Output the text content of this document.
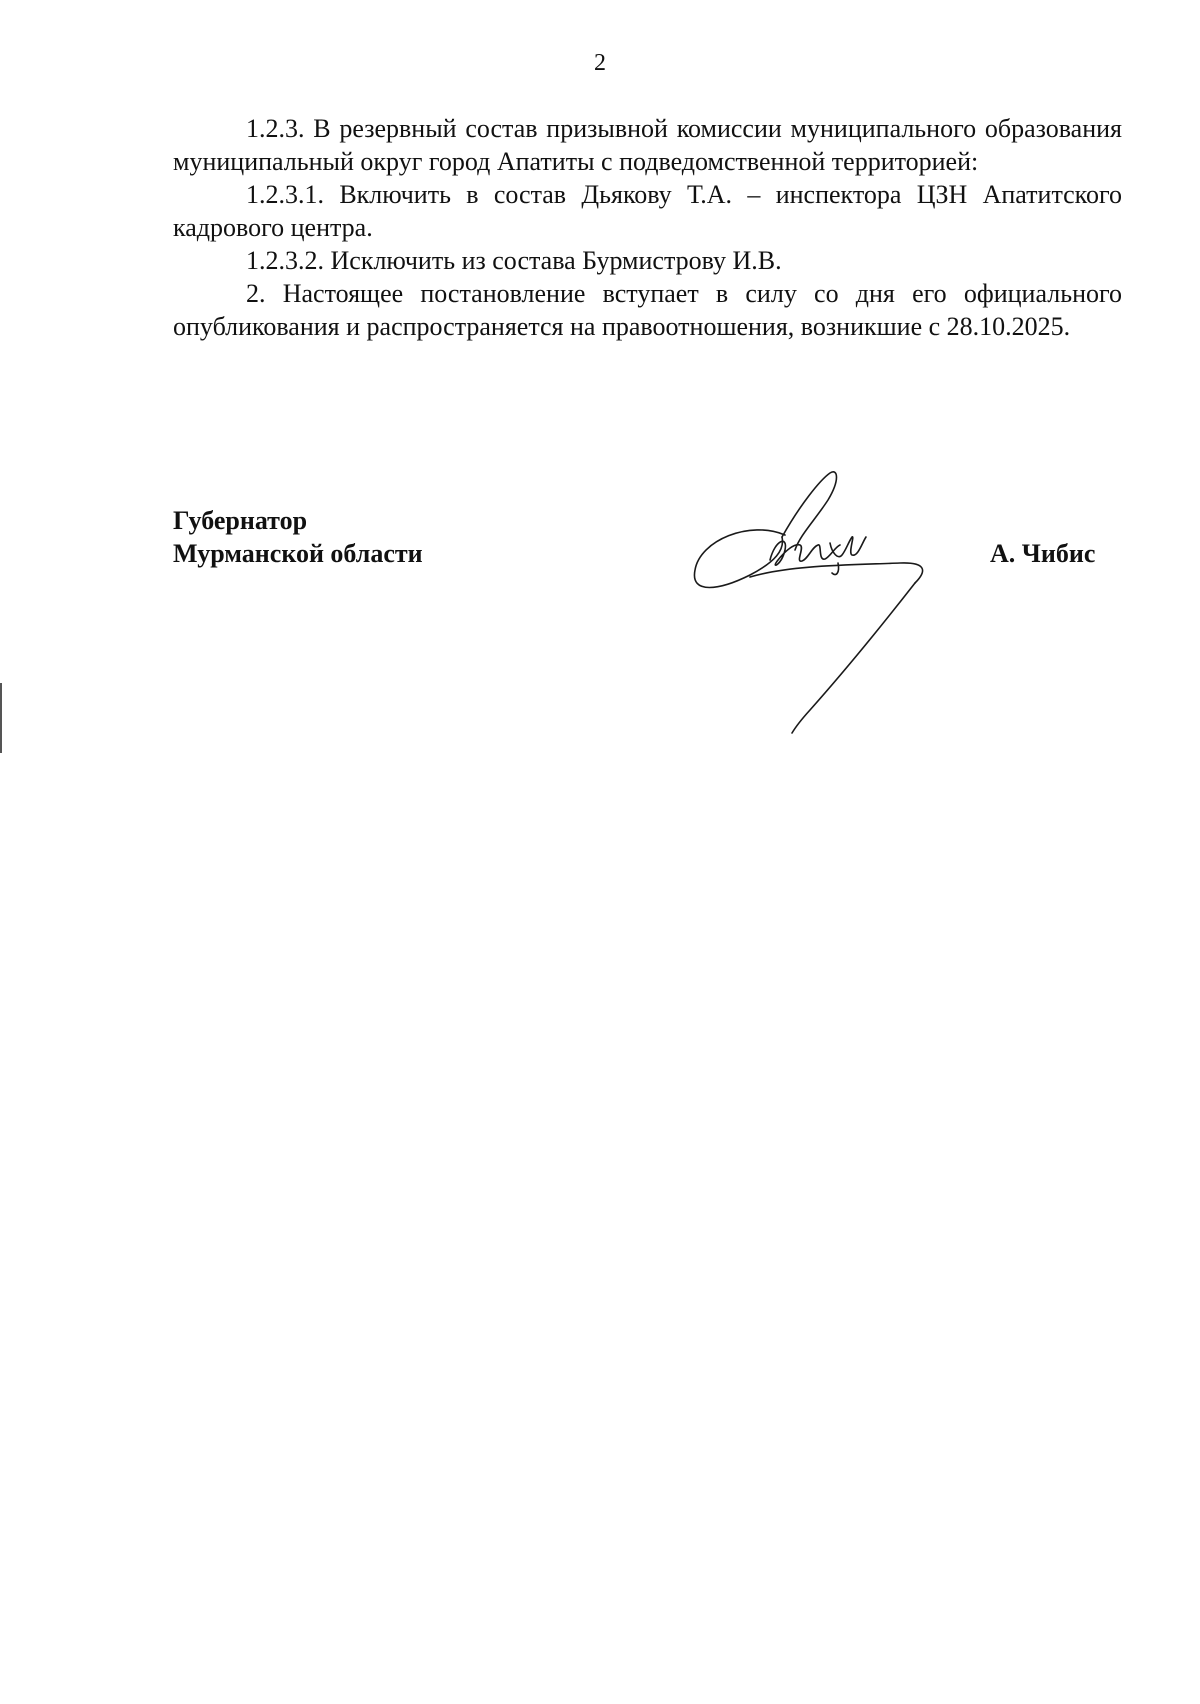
2

1.2.3. В резервный состав призывной комиссии муниципального образования муниципальный округ город Апатиты с подведомственной территорией:

1.2.3.1. Включить в состав Дьякову Т.А. – инспектора ЦЗН Апатитского кадрового центра.

1.2.3.2. Исключить из состава Бурмистрову И.В.

2. Настоящее постановление вступает в силу со дня его официального опубликования и распространяется на правоотношения, возникшие с 28.10.2025.

Губернатор
Мурманской области	А. Чибис
